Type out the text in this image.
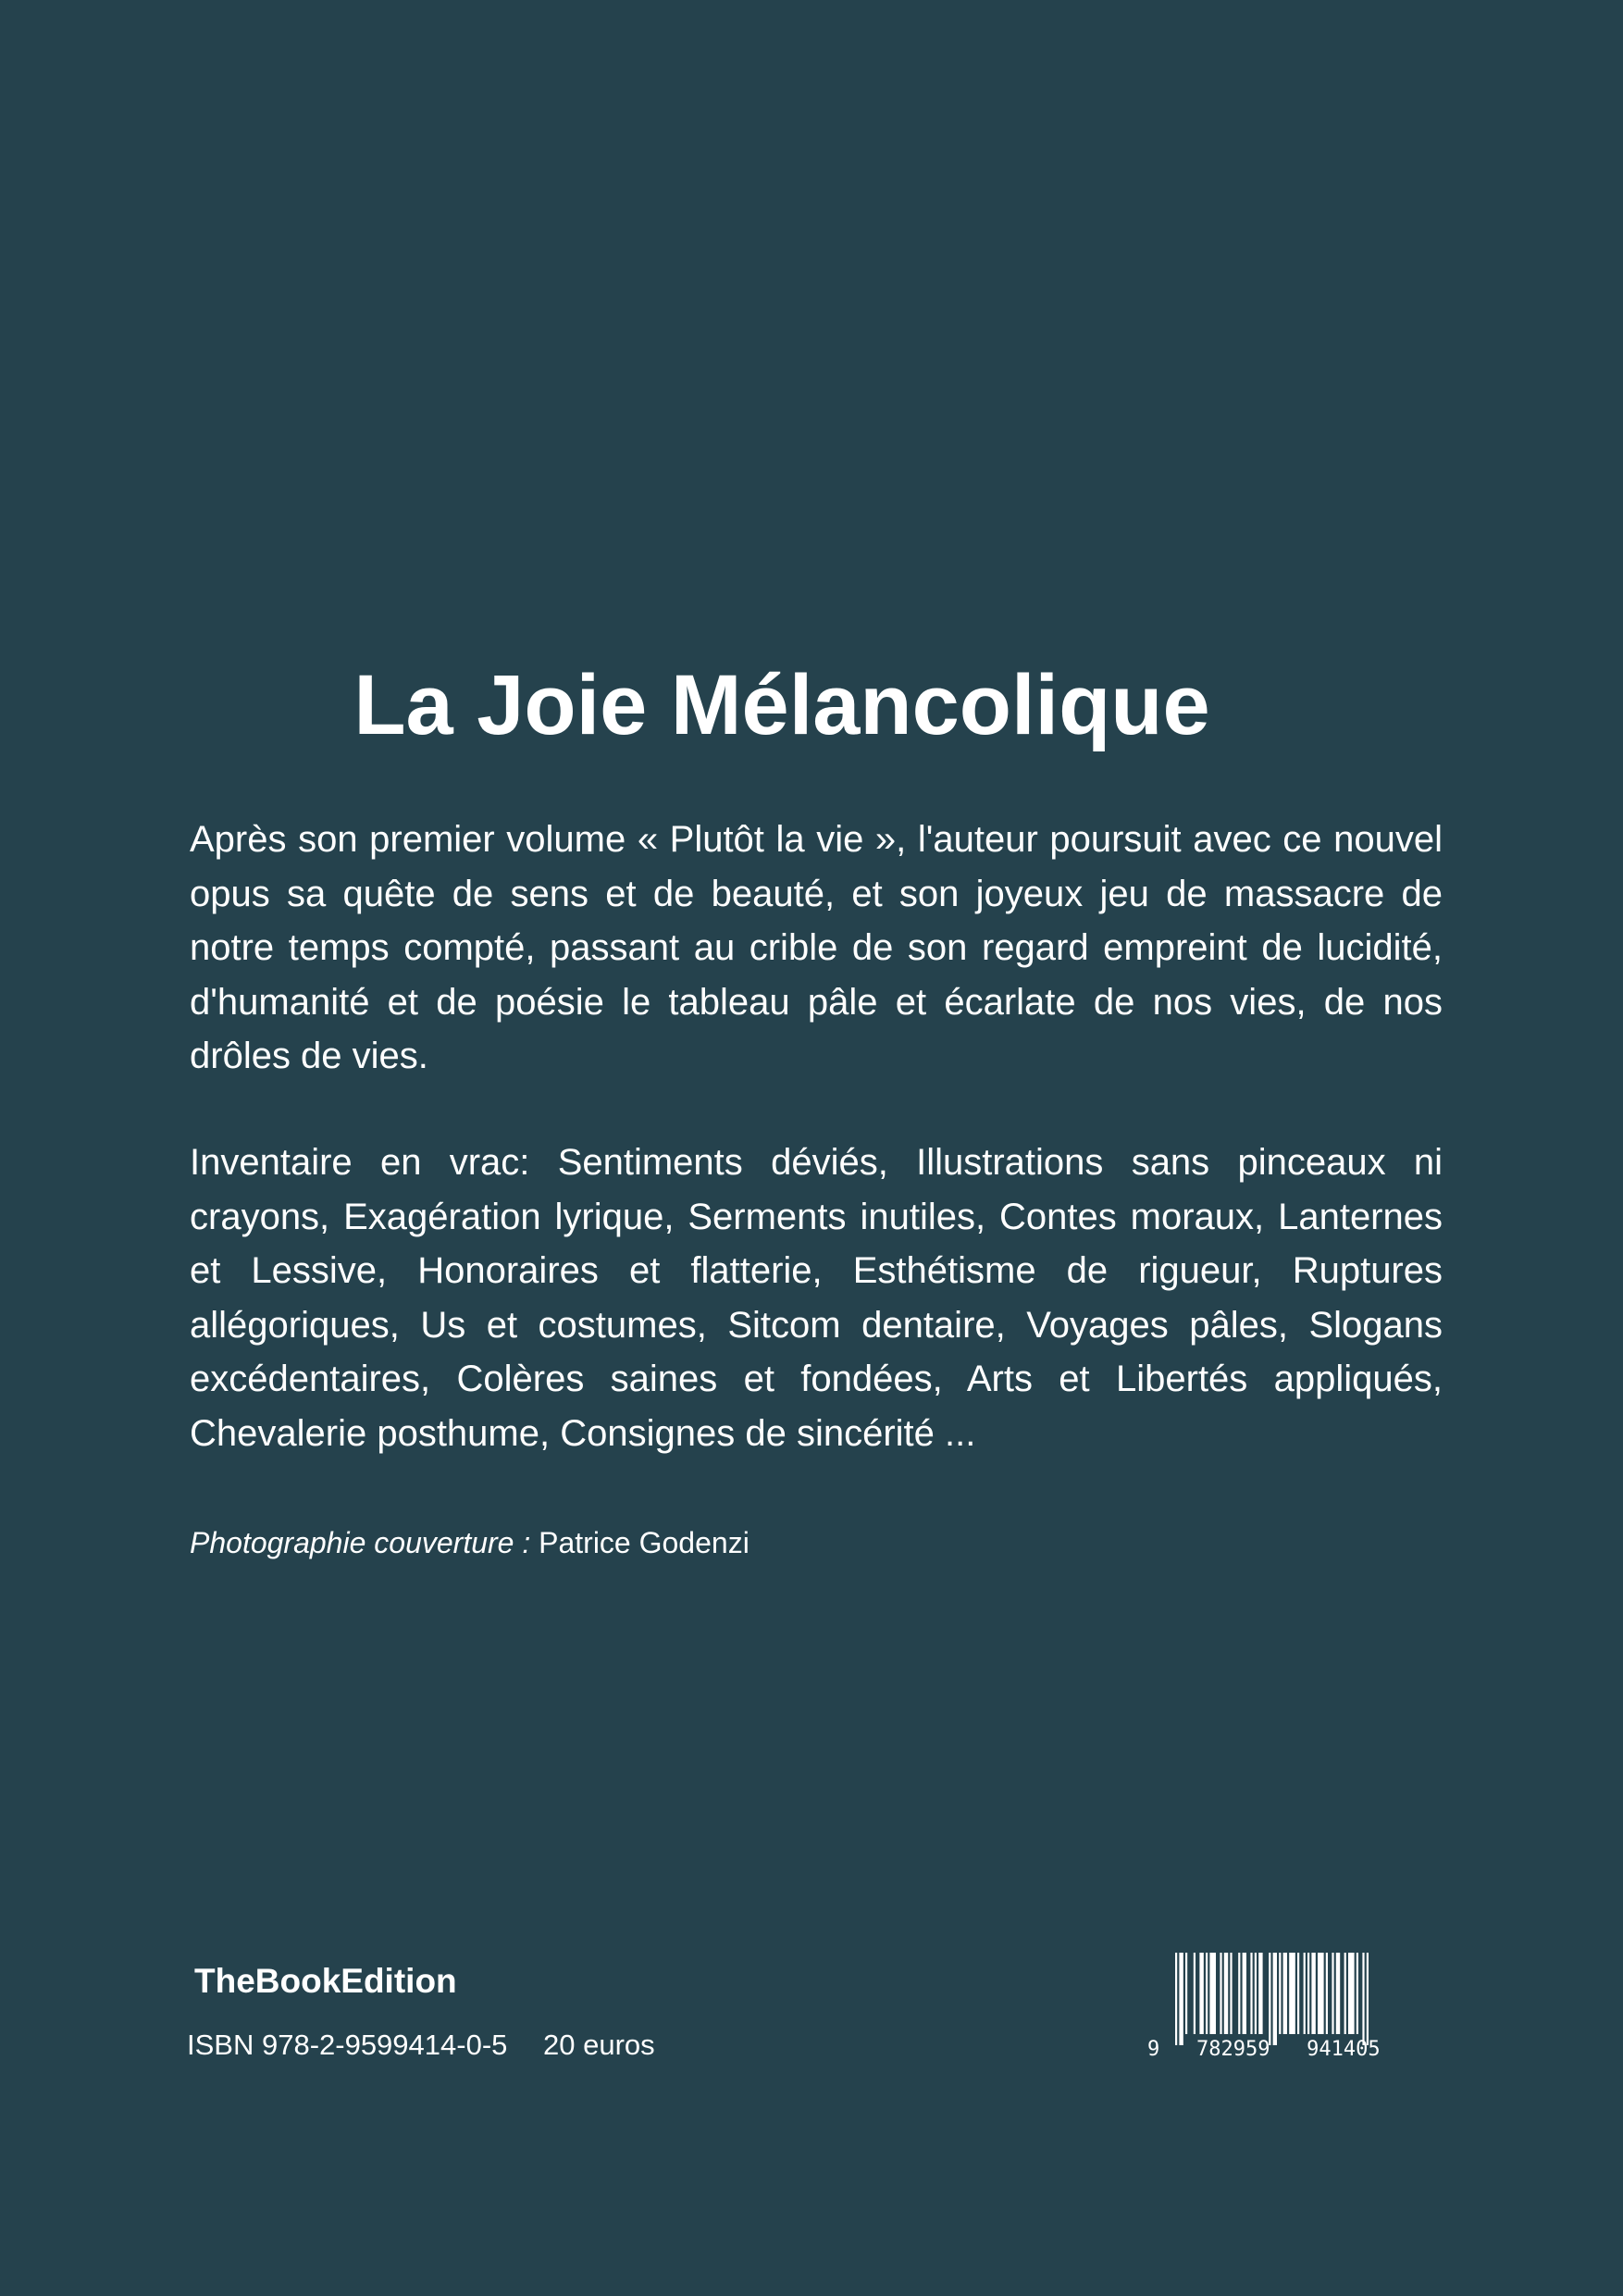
La Joie Mélancolique

Après son premier volume « Plutôt la vie », l'auteur poursuit avec ce nouvel opus sa quête de sens et de beauté, et son joyeux jeu de massacre de notre temps compté, passant au crible de son regard empreint de lucidité, d'humanité et de poésie le tableau pâle et écarlate de nos vies, de nos drôles de vies.

Inventaire en vrac: Sentiments déviés, Illustrations sans pinceaux ni crayons, Exagération lyrique, Serments inutiles, Contes moraux, Lanternes et Lessive, Honoraires et flatterie, Esthétisme de rigueur, Ruptures allégoriques, Us et costumes, Sitcom dentaire, Voyages pâles, Slogans excédentaires, Colères saines et fondées, Arts et Libertés appliqués, Chevalerie posthume, Consignes de sincérité ...

Photographie couverture : Patrice Godenzi

TheBookEdition

ISBN 978-2-9599414-0-5 20 euros	9   782959   941405
